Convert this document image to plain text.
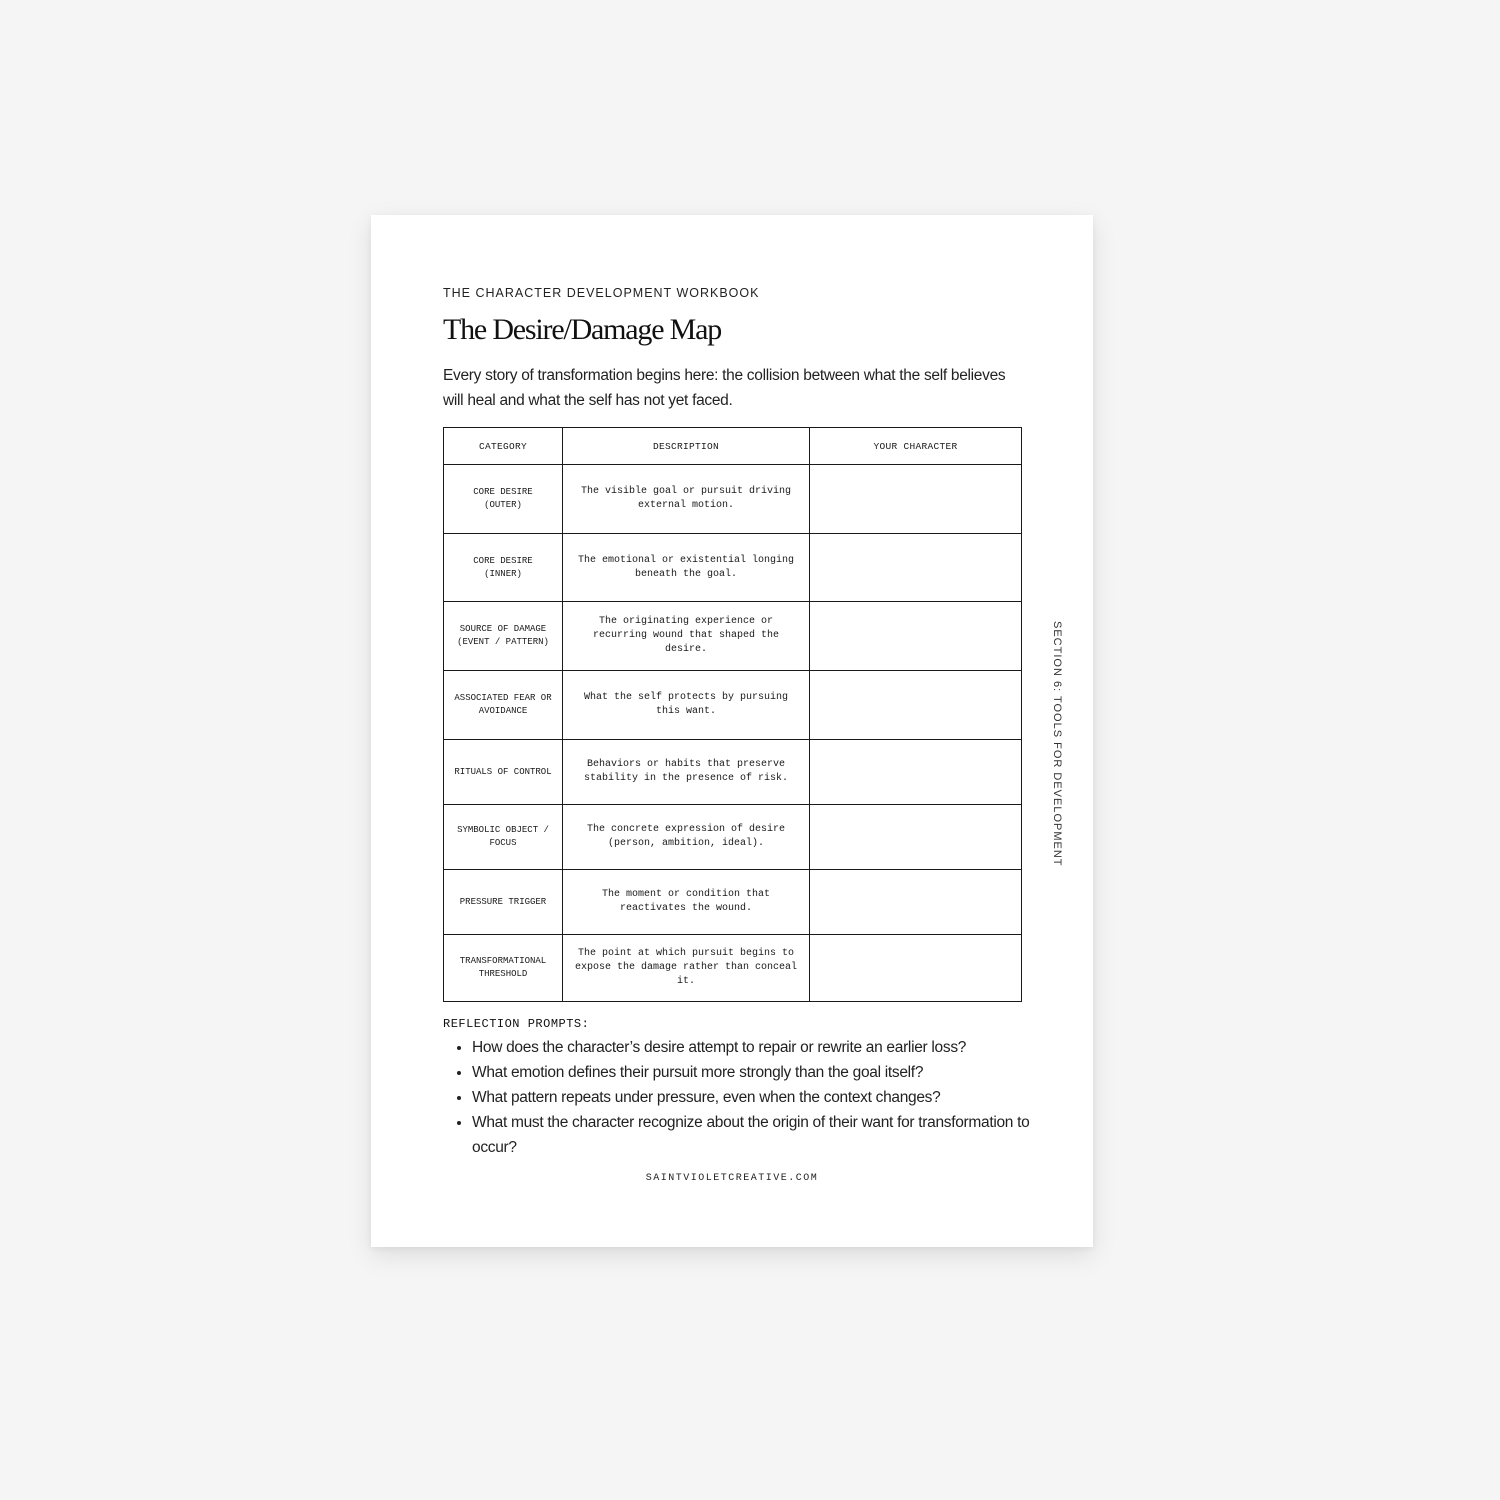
THE CHARACTER DEVELOPMENT WORKBOOK
The Desire/Damage Map
Every story of transformation begins here: the collision between what the self believes will heal and what the self has not yet faced.
CATEGORY	DESCRIPTION	YOUR CHARACTER
CORE DESIRE
(OUTER)	The visible goal or pursuit driving external motion.	
CORE DESIRE
(INNER)	The emotional or existential longing beneath the goal.	
SOURCE OF DAMAGE
(EVENT / PATTERN)	The originating experience or recurring wound that shaped the desire.	
ASSOCIATED FEAR OR
AVOIDANCE	What the self protects by pursuing this want.	
RITUALS OF CONTROL	Behaviors or habits that preserve stability in the presence of risk.	
SYMBOLIC OBJECT /
FOCUS	The concrete expression of desire (person, ambition, ideal).	
PRESSURE TRIGGER	The moment or condition that reactivates the wound.	
TRANSFORMATIONAL
THRESHOLD	The point at which pursuit begins to expose the damage rather than conceal it.	
REFLECTION PROMPTS:
• How does the character’s desire attempt to repair or rewrite an earlier loss?
• What emotion defines their pursuit more strongly than the goal itself?
• What pattern repeats under pressure, even when the context changes?
• What must the character recognize about the origin of their want for transformation to occur?
SAINTVIOLETCREATIVE.COM
SECTION 6: TOOLS FOR DEVELOPMENT
